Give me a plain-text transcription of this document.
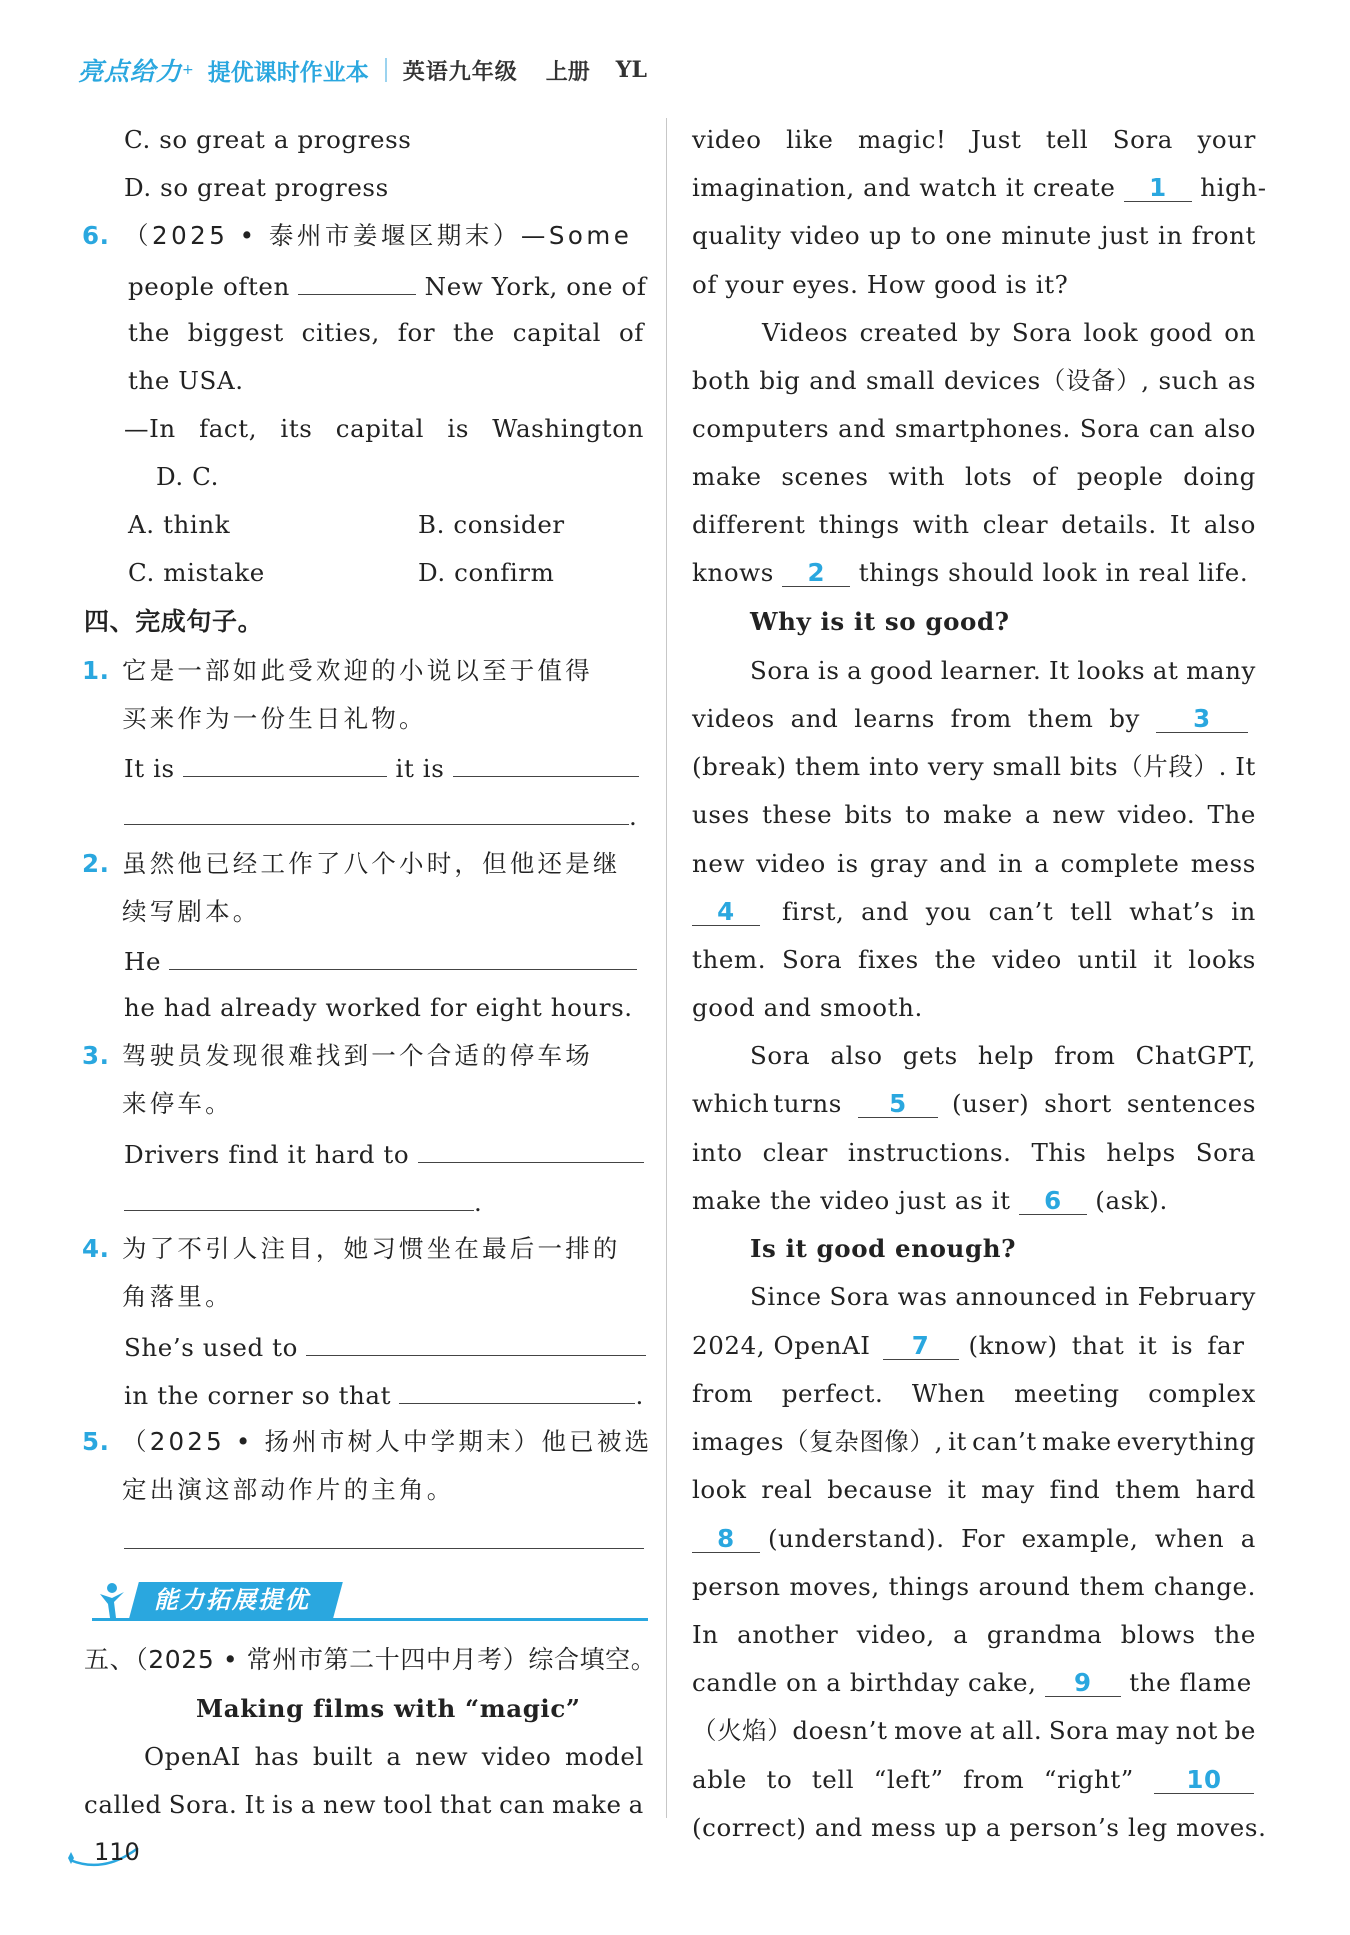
亮点给力 + 提优课时作业本 英语九年级 上册 YL
C. so great a progress
D. so great progress
6. （2025 • 泰州市姜堰区期末）—Some
people often	New York, one of
the biggest cities, for the capital of
the USA.
—In fact, its capital is Washington
D. C.
A. think	B. consider
C. mistake	D. confirm
四、完成句子。
1. 它是一部如此受欢迎的小说以至于值得
买来作为一份生日礼物。
It is	it is
.
2. 虽然他已经工作了八个小时，但他还是继
续写剧本。
He
he had already worked for eight hours.
3. 驾驶员发现很难找到一个合适的停车场
来停车。
Drivers find it hard to
.
4. 为了不引人注目，她习惯坐在最后一排的
角落里。
She’s used to
in the corner so that	.
5. （2025 • 扬州市树人中学期末）他已被选
定出演这部动作片的主角。
能力拓展提优
五、（2025 • 常州市第二十四中月考）综合填空。
Making films with “magic”
OpenAI has built a new video model
called Sora. It is a new tool that can make a
video like magic! Just tell Sora your
imagination, and watch it create 1 high-
quality video up to one minute just in front
of your eyes. How good is it?
Videos created by Sora look good on
both big and small devices（设备）, such as
computers and smartphones. Sora can also
make scenes with lots of people doing
different things with clear details. It also
knows 2 things should look in real life.
Why is it so good?
Sora is a good learner. It looks at many
videos and learns from them by	3
(break) them into very small bits（片段）. It
uses these bits to make a new video. The
new video is gray and in a complete mess
4	first, and you can’t tell what’s in
them. Sora fixes the video until it looks
good and smooth.
Sora also gets help from ChatGPT,
which turns	5	(user) short sentences
into clear instructions. This helps Sora
make the video just as it 6 (ask).
Is it good enough?
Since Sora was announced in February
2024, OpenAI	7	(know) that it is far
from perfect. When meeting complex
images（复杂图像）, it can’t make everything
look real because it may find them hard
8	(understand). For example, when a
person moves, things around them change.
In another video, a grandma blows the
candle on a birthday cake, 9 the flame
（火焰）doesn’t move at all. Sora may not be
able to tell “left” from “right”	10
(correct) and mess up a person’s leg moves.
110
